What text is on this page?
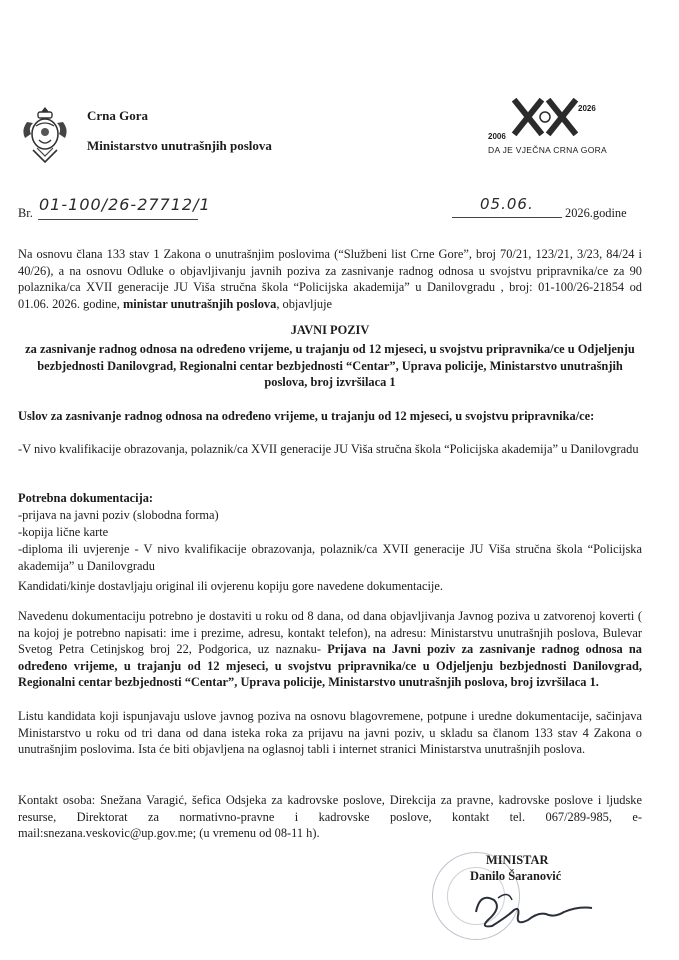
Crna Gora
Ministarstvo unutrašnjih poslova
2006
2026
DA JE VJEČNA CRNA GORA
Br. 01-100/26-27712/1	05.06.	2026.godine

Na osnovu člana 133 stav 1 Zakona o unutrašnjim poslovima (“Službeni list Crne Gore”, broj 70/21, 123/21, 3/23, 84/24 i 40/26), a na osnovu Odluke o objavljivanju javnih poziva za zasnivanje radnog odnosa u svojstvu pripravnika/ce za 90 polaznika/ca XVII generacije JU Viša stručna škola “Policijska akademija” u Danilovgradu , broj: 01-100/26-21854 od 01.06. 2026. godine, ministar unutrašnjih poslova, objavljuje

JAVNI POZIV
za zasnivanje radnog odnosa na određeno vrijeme, u trajanju od 12 mjeseci, u svojstvu pripravnika/ce u Odjeljenju bezbjednosti Danilovgrad, Regionalni centar bezbjednosti “Centar”, Uprava policije, Ministarstvo unutrašnjih poslova, broj izvršilaca 1

Uslov za zasnivanje radnog odnosa na određeno vrijeme, u trajanju od 12 mjeseci, u svojstvu pripravnika/ce:

-V nivo kvalifikacije obrazovanja, polaznik/ca XVII generacije JU Viša stručna škola “Policijska akademija” u Danilovgradu

Potrebna dokumentacija:

-prijava na javni poziv (slobodna forma)

-kopija lične karte

-diploma ili uvjerenje - V nivo kvalifikacije obrazovanja, polaznik/ca XVII generacije JU Viša stručna škola “Policijska akademija” u Danilovgradu

Kandidati/kinje dostavljaju original ili ovjerenu kopiju gore navedene dokumentacije.

Navedenu dokumentaciju potrebno je dostaviti u roku od 8 dana, od dana objavljivanja Javnog poziva u zatvorenoj koverti ( na kojoj je potrebno napisati: ime i prezime, adresu, kontakt telefon), na adresu: Ministarstvu unutrašnjih poslova, Bulevar Svetog Petra Cetinjskog broj 22, Podgorica, uz naznaku- Prijava na Javni poziv za zasnivanje radnog odnosa na određeno vrijeme, u trajanju od 12 mjeseci, u svojstvu pripravnika/ce u Odjeljenju bezbjednosti Danilovgrad, Regionalni centar bezbjednosti “Centar”, Uprava policije, Ministarstvo unutrašnjih poslova, broj izvršilaca 1.

Listu kandidata koji ispunjavaju uslove javnog poziva na osnovu blagovremene, potpune i uredne dokumentacije, sačinjava Ministarstvo u roku od tri dana od dana isteka roka za prijavu na javni poziv, u skladu sa članom 133 stav 4 Zakona o unutrašnjim poslovima. Ista će biti objavljena na oglasnoj tabli i internet stranici Ministarstva unutrašnjih poslova.

Kontakt osoba: Snežana Varagić, šefica Odsjeka za kadrovske poslove, Direkcija za pravne, kadrovske poslove i ljudske resurse, Direktorat za normativno-pravne i kadrovske poslove, kontakt tel. 067/289-985, e-mail:snezana.veskovic@up.gov.me; (u vremenu od 08-11 h).

MINISTAR
Danilo Šaranović
